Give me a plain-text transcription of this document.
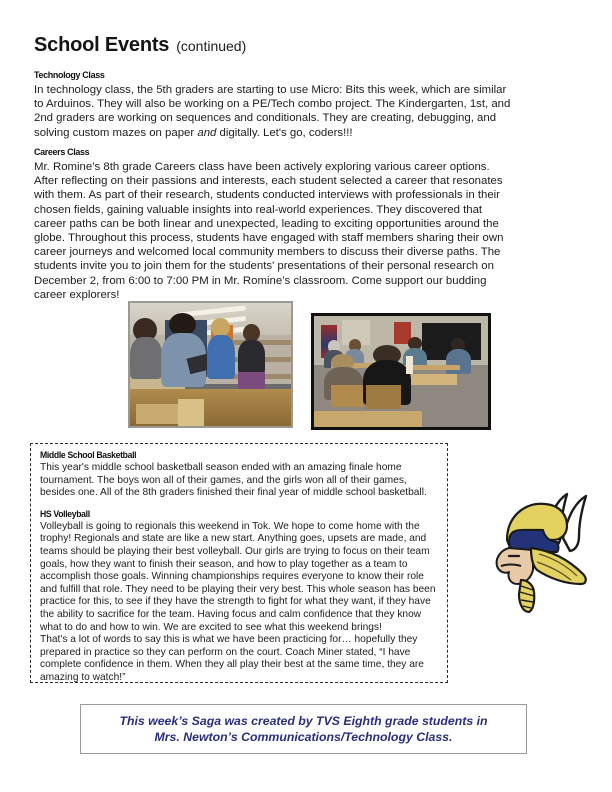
School Events (continued)
Technology Class

In technology class, the 5th graders are starting to use Micro: Bits this week, which are similar to Arduinos. They will also be working on a PE/Tech combo project. The Kindergarten, 1st, and 2nd graders are working on sequences and conditionals. They are creating, debugging, and solving custom mazes on paper and digitally. Let's go, coders!!!

Careers Class

Mr. Romine’s 8th grade Careers class have been actively exploring various career options. After reflecting on their passions and interests, each student selected a career that resonates with them. As part of their research, students conducted interviews with professionals in their chosen fields, gaining valuable insights into real-world experiences. They discovered that career paths can be both linear and unexpected, leading to exciting opportunities around the globe. Throughout this process, students have engaged with staff members sharing their own career journeys and welcomed local community members to discuss their diverse paths. The students invite you to join them for the students' presentations of their personal research on December 2, from 6:00 to 7:00 PM in Mr. Romine’s classroom. Come support our budding career explorers!

Middle School Basketball

This year's middle school basketball season ended with an amazing finale home tournament. The boys won all of their games, and the girls won all of their games, besides one. All of the 8th graders finished their final year of middle school basketball.

HS Volleyball

Volleyball is going to regionals this weekend in Tok. We hope to come home with the trophy! Regionals and state are like a new start. Anything goes, upsets are made, and teams should be playing their best volleyball. Our girls are trying to focus on their team goals, how they want to finish their season, and how to play together as a team to accomplish those goals. Winning championships requires everyone to know their role and fulfill that role. They need to be playing their very best. This whole season has been practice for this, to see if they have the strength to fight for what they want, if they have the ability to sacrifice for the team. Having focus and calm confidence that they know what to do and how to win. We are excited to see what this weekend brings!

That's a lot of words to say this is what we have been practicing for… hopefully they prepared in practice so they can perform on the court. Coach Miner stated, “I have complete confidence in them. When they all play their best at the same time, they are amazing to watch!”

This week’s Saga was created by TVS Eighth grade students in
Mrs. Newton’s Communications/Technology Class.
